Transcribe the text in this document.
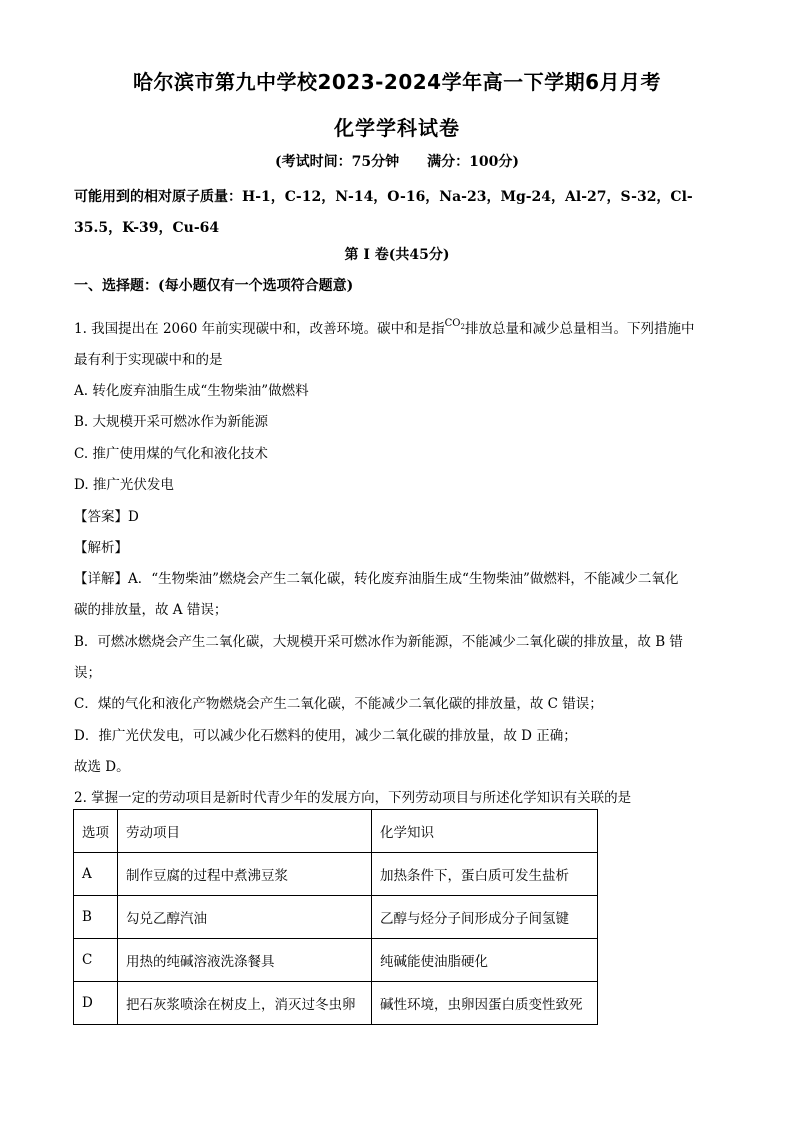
哈尔滨市第九中学校2023-2024学年高一下学期6月月考
化学学科试卷
(考试时间：75分钟 满分：100分)
可能用到的相对原子质量：H-1，C-12，N-14，O-16，Na-23，Mg-24，Al-27，S-32，Cl-
35.5，K-39，Cu-64
第 I 卷(共45分)
一、选择题：(每小题仅有一个选项符合题意)
1. 我国提出在 2060 年前实现碳中和，改善环境。碳中和是指$^{CO_2}$排放总量和减少总量相当。下列措施中
最有利于实现碳中和的是
A. 转化废弃油脂生成“生物柴油”做燃料
B. 大规模开采可燃冰作为新能源
C. 推广使用煤的气化和液化技术
D. 推广光伏发电
【答案】D
【解析】
【详解】A．“生物柴油”燃烧会产生二氧化碳，转化废弃油脂生成“生物柴油”做燃料，不能减少二氧化
碳的排放量，故 A 错误；
B．可燃冰燃烧会产生二氧化碳，大规模开采可燃冰作为新能源，不能减少二氧化碳的排放量，故 B 错
误；
C．煤的气化和液化产物燃烧会产生二氧化碳，不能减少二氧化碳的排放量，故 C 错误；
D．推广光伏发电，可以减少化石燃料的使用，减少二氧化碳的排放量，故 D 正确；
故选 D。
2. 掌握一定的劳动项目是新时代青少年的发展方向，下列劳动项目与所述化学知识有关联的是
选项	劳动项目	化学知识
A	制作豆腐的过程中煮沸豆浆	加热条件下，蛋白质可发生盐析
B	勾兑乙醇汽油	乙醇与烃分子间形成分子间氢键
C	用热的纯碱溶液洗涤餐具	纯碱能使油脂硬化
D	把石灰浆喷涂在树皮上，消灭过冬虫卵	碱性环境，虫卵因蛋白质变性致死
